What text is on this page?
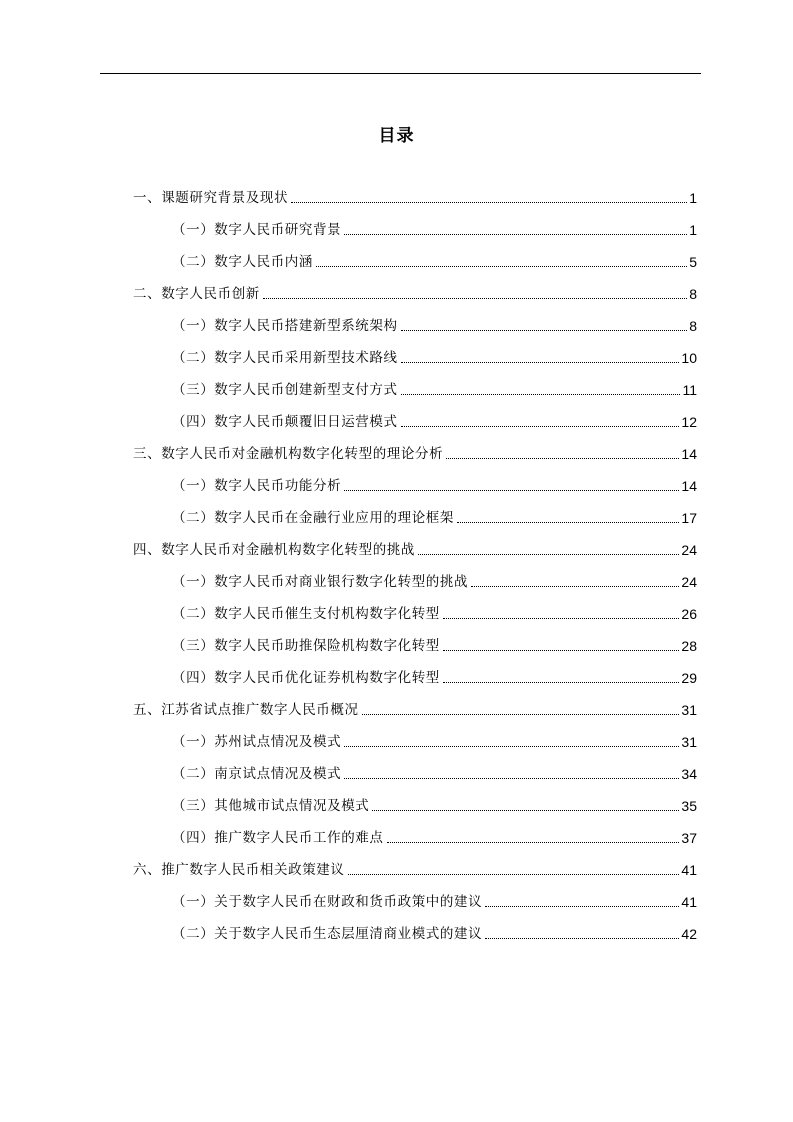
目录
一、课题研究背景及现状	1
（一）数字人民币研究背景	1
（二）数字人民币内涵	5
二、数字人民币创新	8
（一）数字人民币搭建新型系统架构	8
（二）数字人民币采用新型技术路线	10
（三）数字人民币创建新型支付方式	11
（四）数字人民币颠覆旧日运营模式	12
三、数字人民币对金融机构数字化转型的理论分析	14
（一）数字人民币功能分析	14
（二）数字人民币在金融行业应用的理论框架	17
四、数字人民币对金融机构数字化转型的挑战	24
（一）数字人民币对商业银行数字化转型的挑战	24
（二）数字人民币催生支付机构数字化转型	26
（三）数字人民币助推保险机构数字化转型	28
（四）数字人民币优化证券机构数字化转型	29
五、江苏省试点推广数字人民币概况	31
（一）苏州试点情况及模式	31
（二）南京试点情况及模式	34
（三）其他城市试点情况及模式	35
（四）推广数字人民币工作的难点	37
六、推广数字人民币相关政策建议	41
（一）关于数字人民币在财政和货币政策中的建议	41
（二）关于数字人民币生态层厘清商业模式的建议	42
